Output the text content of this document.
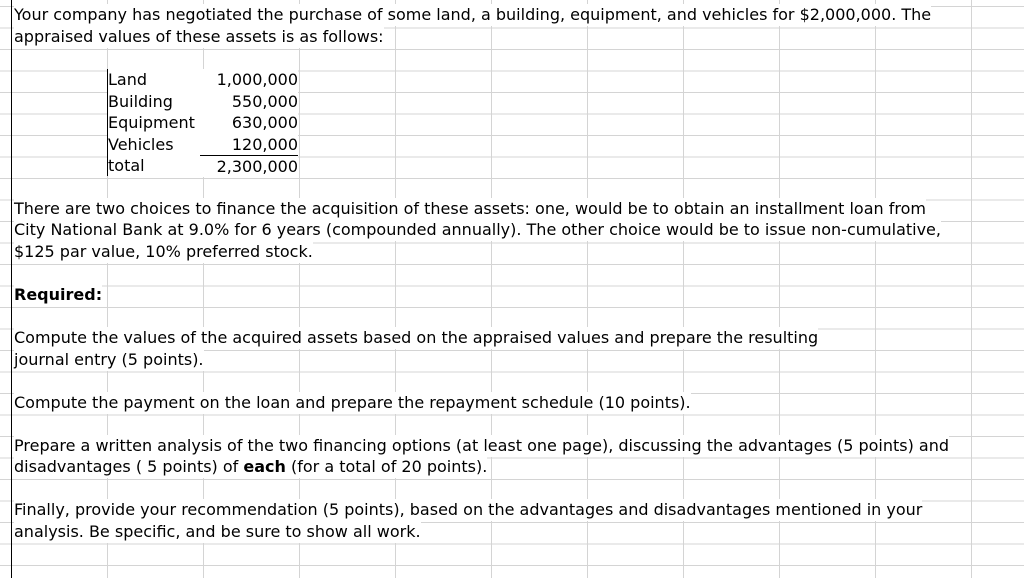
Your company has negotiated the purchase of some land, a building, equipment, and vehicles for $2,000,000. The

appraised values of these assets is as follows:

Land	1,000,000
Building	550,000
Equipment 630,000
Vehicles	120,000
total	2,300,000

There are two choices to finance the acquisition of these assets: one, would be to obtain an installment loan from

City National Bank at 9.0% for 6 years (compounded annually). The other choice would be to issue non-cumulative,

$125 par value, 10% preferred stock.

Required:

Compute the values of the acquired assets based on the appraised values and prepare the resulting

journal entry (5 points).

Compute the payment on the loan and prepare the repayment schedule (10 points).

Prepare a written analysis of the two financing options (at least one page), discussing the advantages (5 points) and

disadvantages ( 5 points) of each (for a total of 20 points).

Finally, provide your recommendation (5 points), based on the advantages and disadvantages mentioned in your

analysis. Be specific, and be sure to show all work.
